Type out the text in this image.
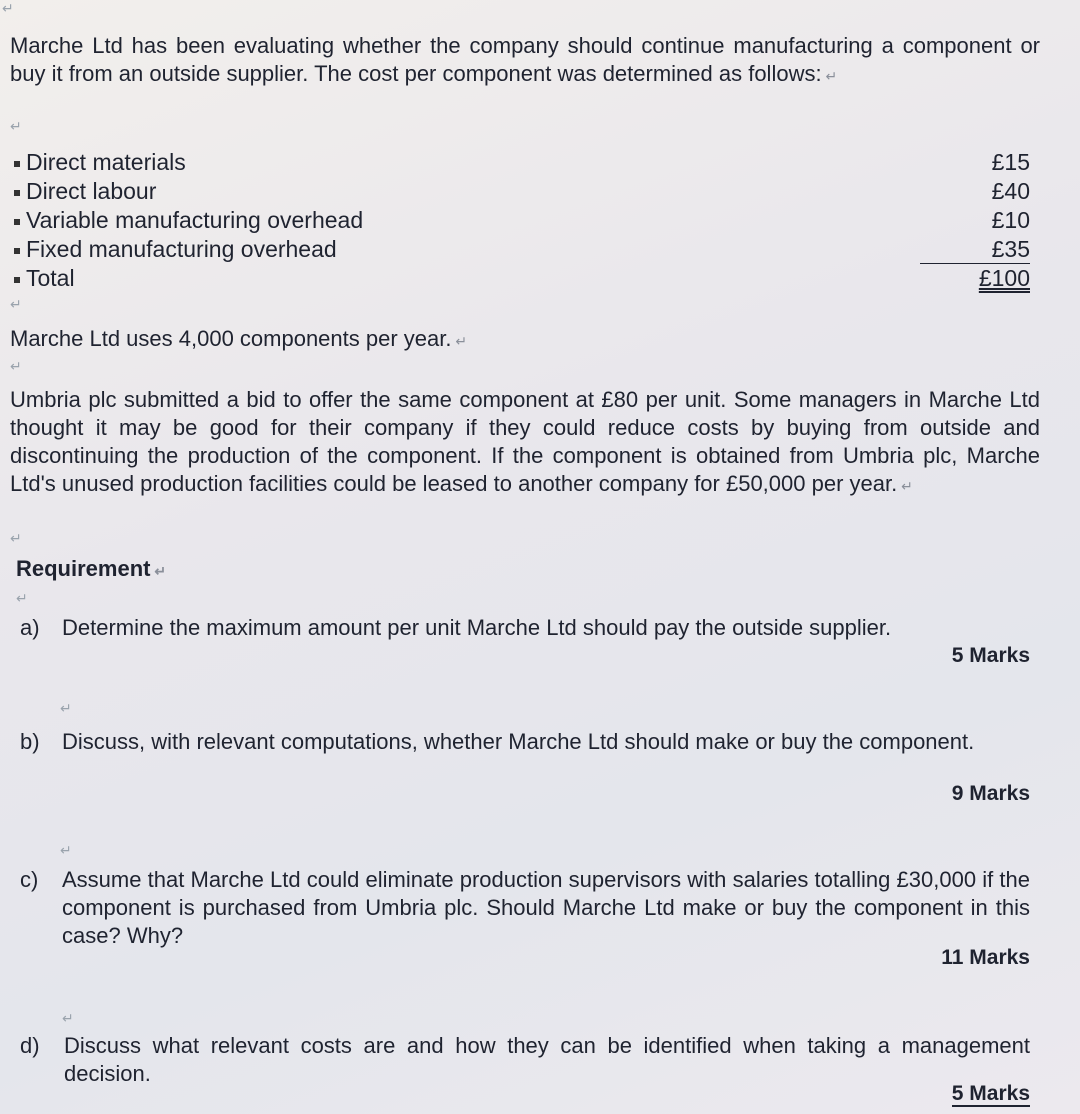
↵
Marche Ltd has been evaluating whether the company should continue manufacturing a component or buy it from an outside supplier. The cost per component was determined as follows: ↵
↵
Direct materials	£15
Direct labour	£40
Variable manufacturing overhead	£10
Fixed manufacturing overhead	£35
Total	£100
↵
Marche Ltd uses 4,000 components per year. ↵
↵
Umbria plc submitted a bid to offer the same component at £80 per unit. Some managers in Marche Ltd thought it may be good for their company if they could reduce costs by buying from outside and discontinuing the production of the component. If the component is obtained from Umbria plc, Marche Ltd's unused production facilities could be leased to another company for £50,000 per year. ↵
↵
Requirement ↵
↵
a) Determine the maximum amount per unit Marche Ltd should pay the outside supplier.
5 Marks
↵
b) Discuss, with relevant computations, whether Marche Ltd should make or buy the component.
9 Marks
↵
c) Assume that Marche Ltd could eliminate production supervisors with salaries totalling £30,000 if the component is purchased from Umbria plc. Should Marche Ltd make or buy the component in this case? Why?
11 Marks
↵
d) Discuss what relevant costs are and how they can be identified when taking a management decision.
5 Marks
